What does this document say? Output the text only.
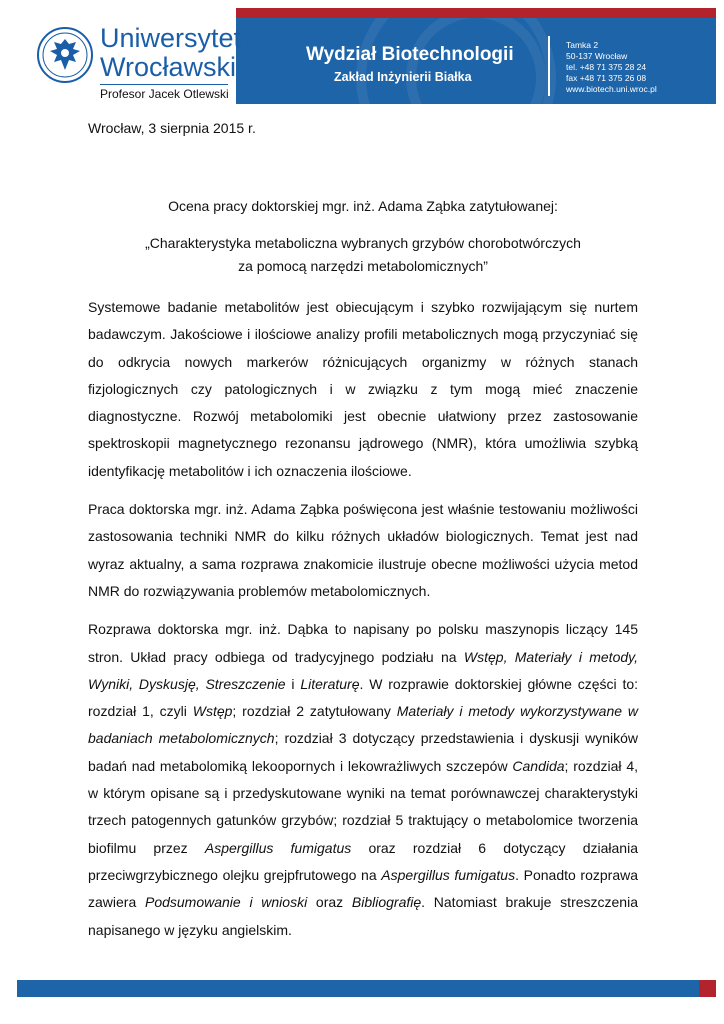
Wydział Biotechnologii
Zakład Inżynierii Białka
Tamka 2
50-137 Wrocław
tel. +48 71 375 28 24
fax +48 71 375 26 08
www.biotech.uni.wroc.pl
Uniwersytet
Wrocławski
Profesor Jacek Otlewski
Wrocław, 3 sierpnia 2015 r.
Ocena pracy doktorskiej mgr. inż. Adama Ząbka zatytułowanej:
„Charakterystyka metaboliczna wybranych grzybów chorobotwórczych
za pomocą narzędzi metabolomicznych”

Systemowe badanie metabolitów jest obiecującym i szybko rozwijającym się nurtem badawczym. Jakościowe i ilościowe analizy profili metabolicznych mogą przyczyniać się do odkrycia nowych markerów różnicujących organizmy w różnych stanach fizjologicznych czy patologicznych i w związku z tym mogą mieć znaczenie diagnostyczne. Rozwój metabolomiki jest obecnie ułatwiony przez zastosowanie spektroskopii magnetycznego rezonansu jądrowego (NMR), która umożliwia szybką identyfikację metabolitów i ich oznaczenia ilościowe.

Praca doktorska mgr. inż. Adama Ząbka poświęcona jest właśnie testowaniu możliwości zastosowania techniki NMR do kilku różnych układów biologicznych. Temat jest nad wyraz aktualny, a sama rozprawa znakomicie ilustruje obecne możliwości użycia metod NMR do rozwiązywania problemów metabolomicznych.

Rozprawa doktorska mgr. inż. Dąbka to napisany po polsku maszynopis liczący 145 stron. Układ pracy odbiega od tradycyjnego podziału na Wstęp, Materiały i metody, Wyniki, Dyskusję, Streszczenie i Literaturę. W rozprawie doktorskiej główne części to: rozdział 1, czyli Wstęp; rozdział 2 zatytułowany Materiały i metody wykorzystywane w badaniach metabolomicznych; rozdział 3 dotyczący przedstawienia i dyskusji wyników badań nad metabolomiką lekoopornych i lekowrażliwych szczepów Candida; rozdział 4, w którym opisane są i przedyskutowane wyniki na temat porównawczej charakterystyki trzech patogennych gatunków grzybów; rozdział 5 traktujący o metabolomice tworzenia biofilmu przez Aspergillus fumigatus oraz rozdział 6 dotyczący działania przeciwgrzybicznego olejku grejpfrutowego na Aspergillus fumigatus. Ponadto rozprawa zawiera Podsumowanie i wnioski oraz Bibliografię. Natomiast brakuje streszczenia napisanego w języku angielskim.
